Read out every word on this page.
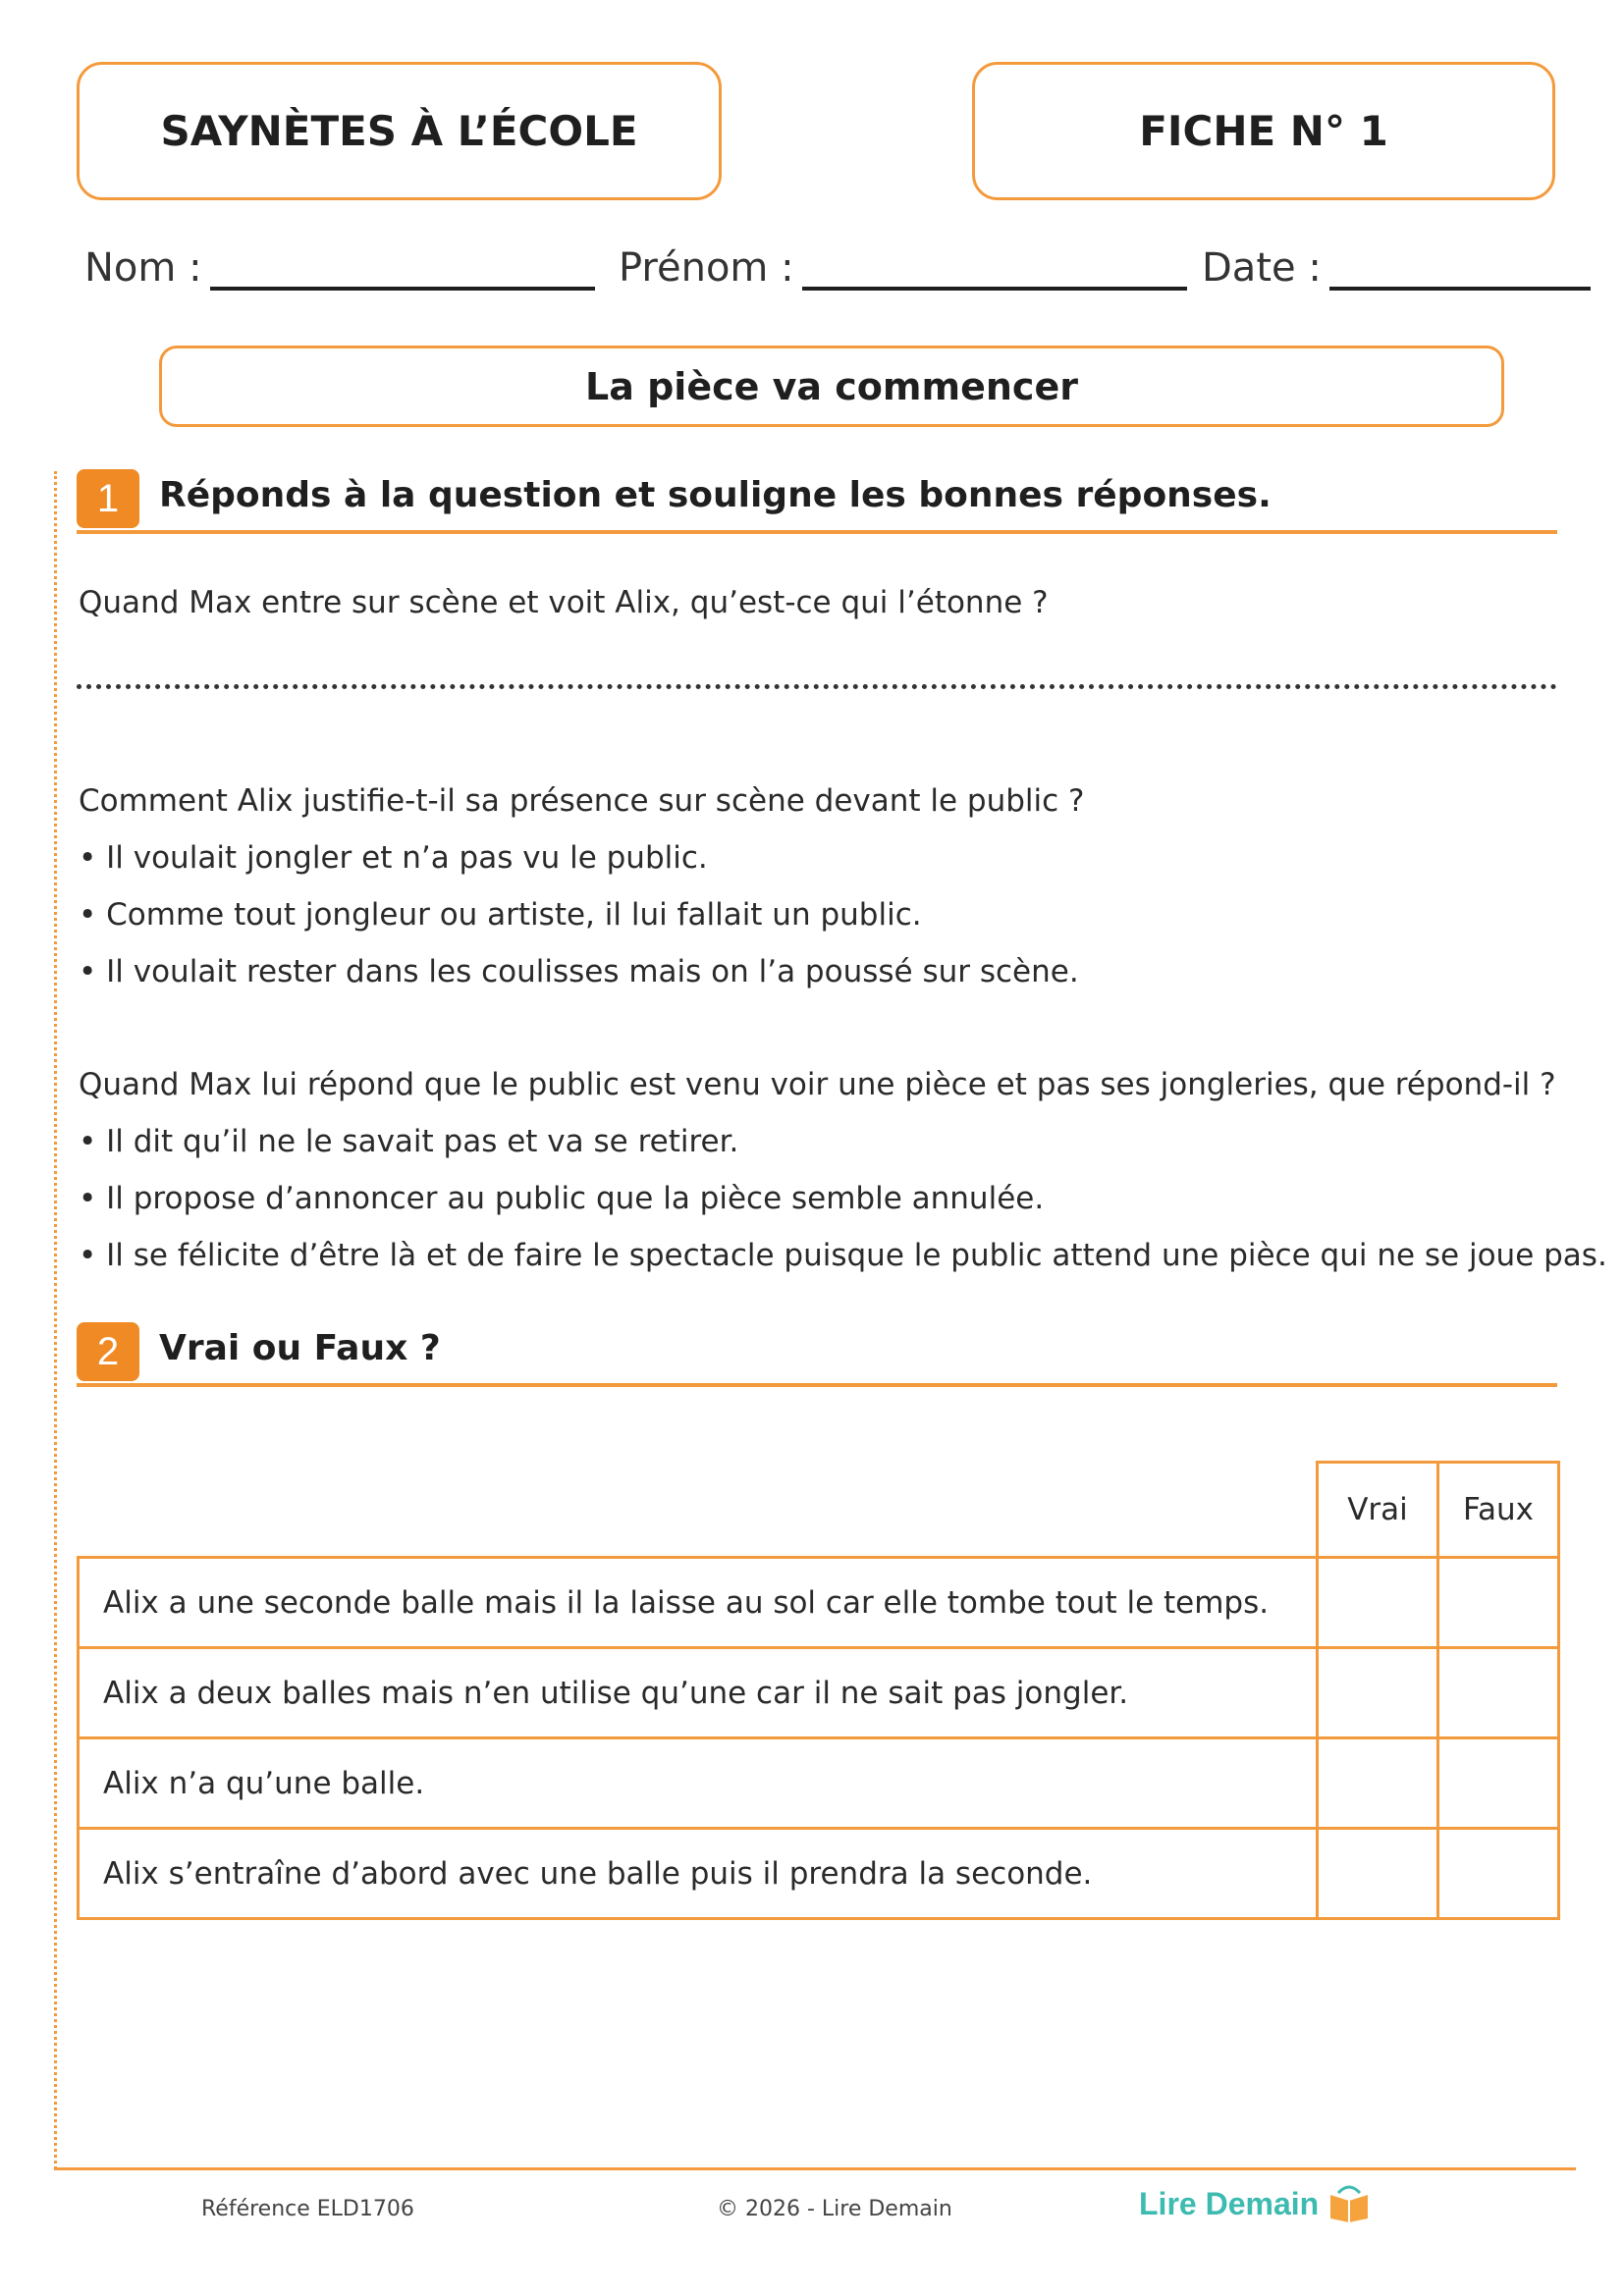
SAYNÈTES À L’ÉCOLE	FICHE N° 1
Nom :	Prénom :	Date :
La pièce va commencer
1	Réponds à la question et souligne les bonnes réponses.
Quand Max entre sur scène et voit Alix, qu’est-ce qui l’étonne ?
Comment Alix justifie-t-il sa présence sur scène devant le public ?
• Il voulait jongler et n’a pas vu le public.
• Comme tout jongleur ou artiste, il lui fallait un public.
• Il voulait rester dans les coulisses mais on l’a poussé sur scène.
Quand Max lui répond que le public est venu voir une pièce et pas ses jongleries, que répond-il ?
• Il dit qu’il ne le savait pas et va se retirer.
• Il propose d’annoncer au public que la pièce semble annulée.
• Il se félicite d’être là et de faire le spectacle puisque le public attend une pièce qui ne se joue pas.
2	Vrai ou Faux ?
	Vrai	Faux
Alix a une seconde balle mais il la laisse au sol car elle tombe tout le temps.		
Alix a deux balles mais n’en utilise qu’une car il ne sait pas jongler.		
Alix n’a qu’une balle.		
Alix s’entraîne d’abord avec une balle puis il prendra la seconde.		
Référence ELD1706	© 2026 - Lire Demain	Lire Demain
